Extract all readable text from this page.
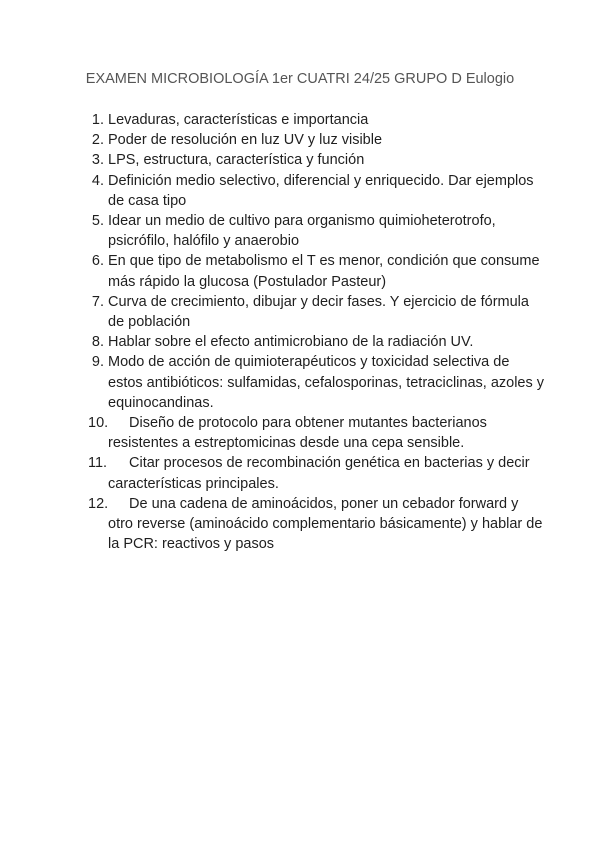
EXAMEN MICROBIOLOGÍA 1er CUATRI 24/25 GRUPO D Eulogio
1. Levaduras, características e importancia
2. Poder de resolución en luz UV y luz visible
3. LPS, estructura, característica y función
4. Definición medio selectivo, diferencial y enriquecido. Dar ejemplos de casa tipo
5. Idear un medio de cultivo para organismo quimioheterotrofo, psicrófilo, halófilo y anaerobio
6. En que tipo de metabolismo el T es menor, condición que consume más rápido la glucosa (Postulador Pasteur)
7. Curva de crecimiento, dibujar y decir fases. Y ejercicio de fórmula de población
8. Hablar sobre el efecto antimicrobiano de la radiación UV.
9. Modo de acción de quimioterapéuticos y toxicidad selectiva de estos antibióticos: sulfamidas, cefalosporinas, tetraciclinas, azoles y equinocandinas.
10.	Diseño de protocolo para obtener mutantes bacterianos resistentes a estreptomicinas desde una cepa sensible.
11.	Citar procesos de recombinación genética en bacterias y decir características principales.
12.	De una cadena de aminoácidos, poner un cebador forward y otro reverse (aminoácido complementario básicamente) y hablar de la PCR: reactivos y pasos
